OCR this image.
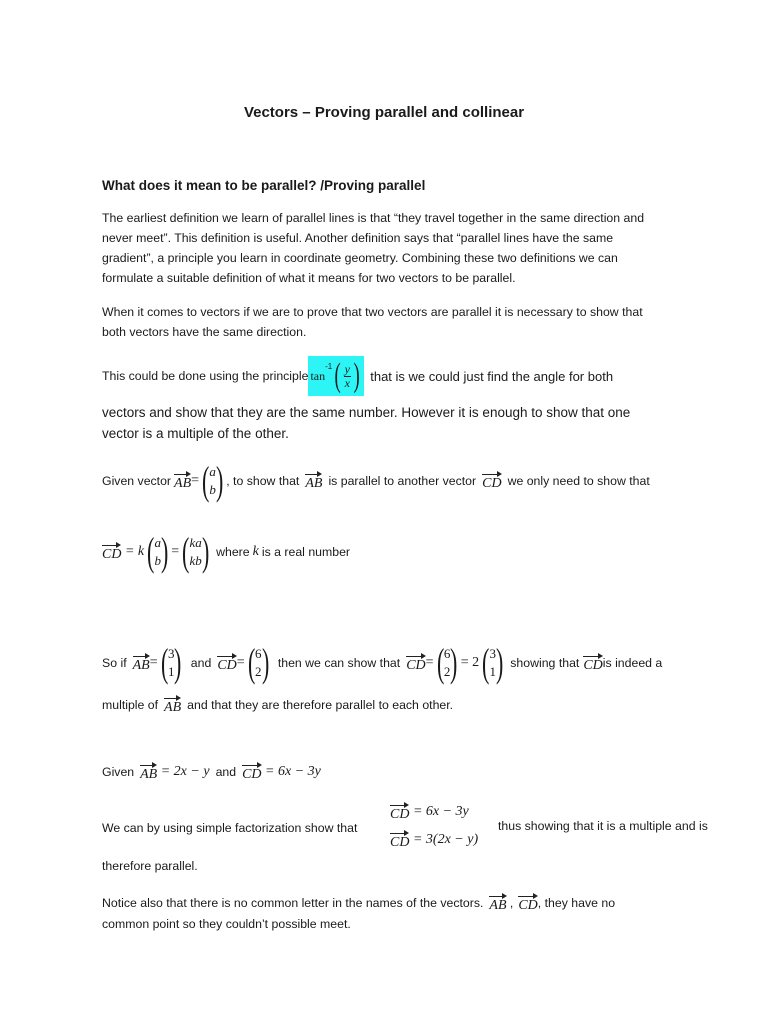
Vectors – Proving parallel and collinear
What does it mean to be parallel? /Proving parallel
The earliest definition we learn of parallel lines is that “they travel together in the same direction and
never meet”. This definition is useful. Another definition says that “parallel lines have the same
gradient”, a principle you learn in coordinate geometry. Combining these two definitions we can
formulate a suitable definition of what it means for two vectors to be parallel.
When it comes to vectors if we are to prove that two vectors are parallel it is necessary to show that
both vectors have the same direction.
This could be done using the principle tan
$^{-1}$ ( $\frac{y}{x}$ ) that is we could just find the angle for both
vectors and show that they are the same number. However it is enough to show that one
vector is a multiple of the other.
Given vector AB = ( a
b ) , to show that AB is parallel to another vector CD we only need to show that
CD = k ( a
b ) = ( ka
kb ) where k is a real number
So if AB = ( 3
1 ) and CD = ( 6
2 ) then we can show that CD = ( 6
2 ) = 2 ( 3
1 ) showing that CD is indeed a
multiple of AB and that they are therefore parallel to each other.
Given AB = 2x − y and CD = 6x − 3y
We can by using simple factorization show that
CD = 6x − 3y
CD = 3(2x − y)
thus showing that it is a multiple and is
therefore parallel.
Notice also that there is no common letter in the names of the vectors. AB , CD , they have no
common point so they couldn’t possible meet.
